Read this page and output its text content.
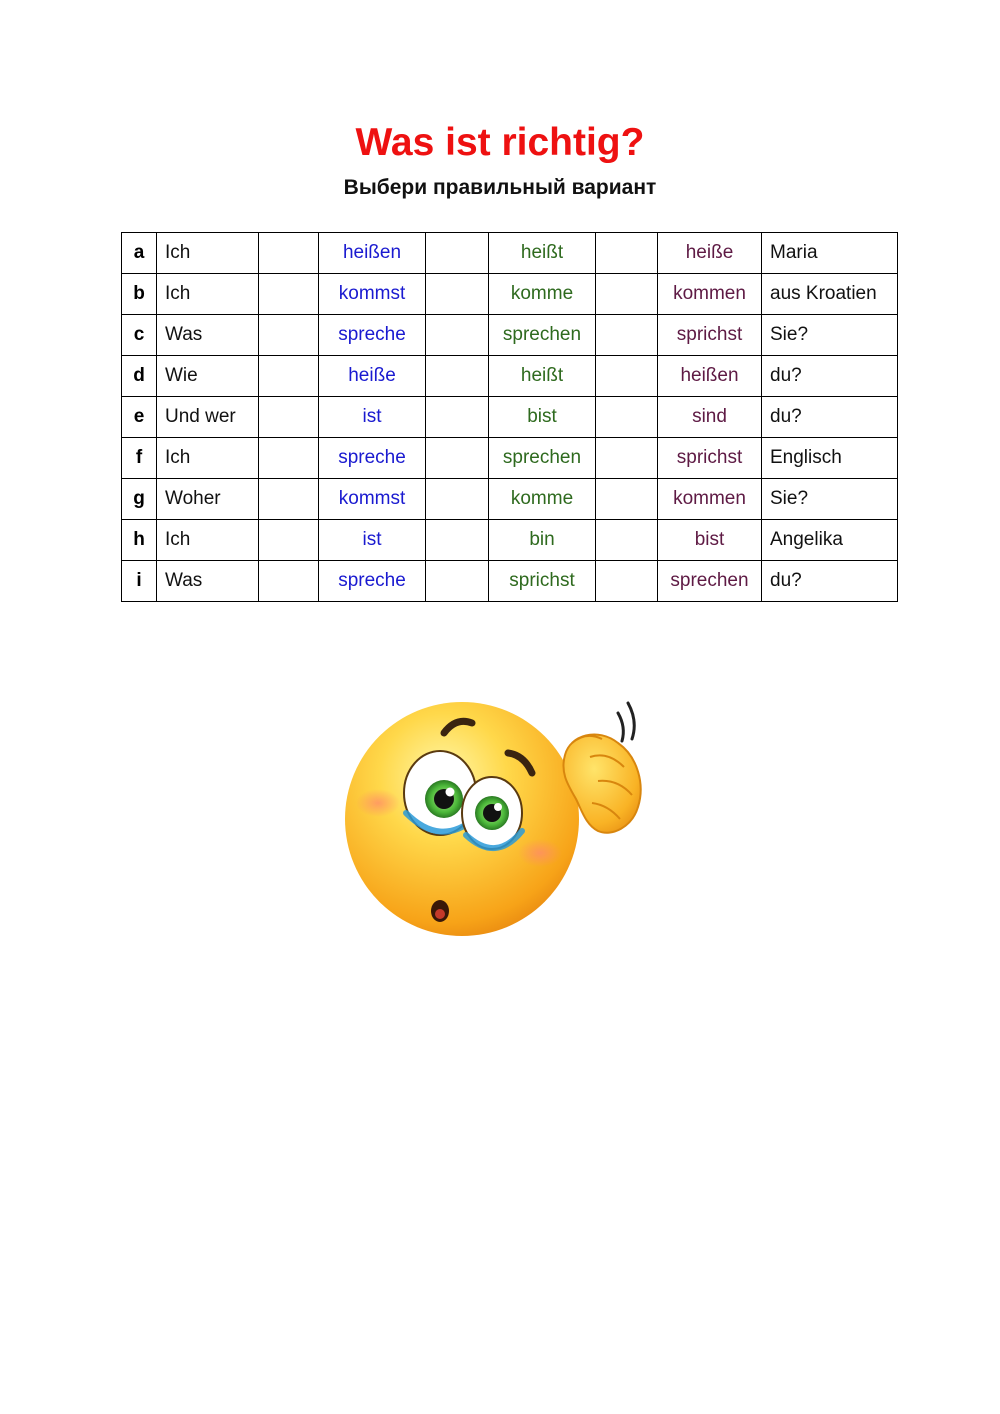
Was ist richtig?
Выбери правильный вариант
a	Ich		heißen		heißt		heiße	Maria
b	Ich		kommst		komme		kommen	aus Kroatien
c	Was		spreche		sprechen		sprichst	Sie?
d	Wie		heiße		heißt		heißen	du?
e	Und wer		ist		bist		sind	du?
f	Ich		spreche		sprechen		sprichst	Englisch
g	Woher		kommst		komme		kommen	Sie?
h	Ich		ist		bin		bist	Angelika
i	Was		spreche		sprichst		sprechen	du?
